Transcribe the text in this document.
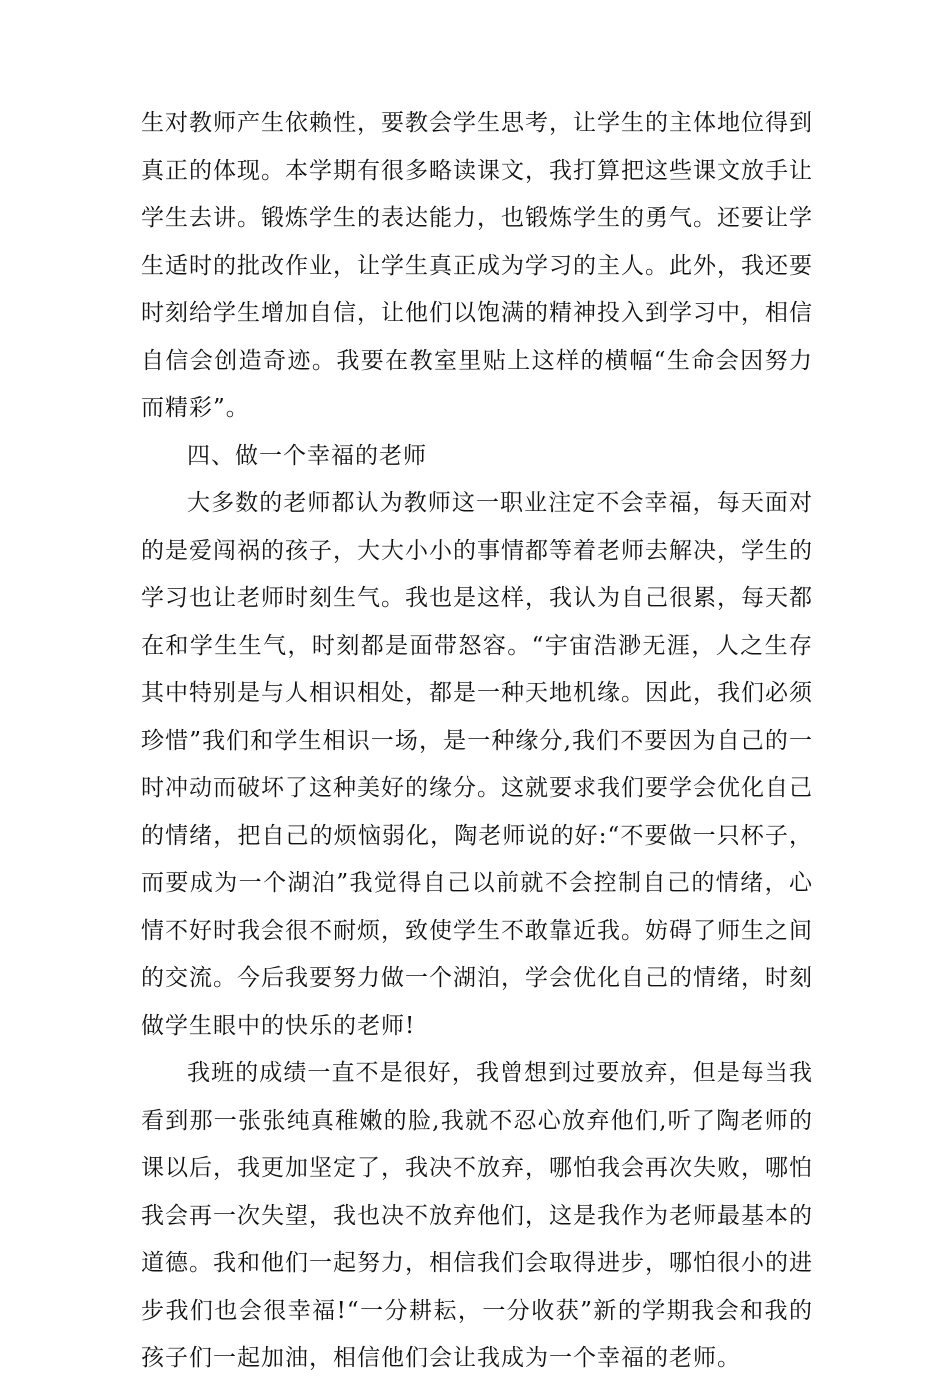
生对教师产生依赖性，要教会学生思考，让学生的主体地位得到真正的体现。本学期有很多略读课文，我打算把这些课文放手让学生去讲。锻炼学生的表达能力，也锻炼学生的勇气。还要让学生适时的批改作业，让学生真正成为学习的主人。此外，我还要时刻给学生增加自信，让他们以饱满的精神投入到学习中，相信自信会创造奇迹。我要在教室里贴上这样的横幅“生命会因努力而精彩”。

四、做一个幸福的老师

大多数的老师都认为教师这一职业注定不会幸福，每天面对的是爱闯祸的孩子，大大小小的事情都等着老师去解决，学生的学习也让老师时刻生气。我也是这样，我认为自己很累，每天都在和学生生气，时刻都是面带怒容。“宇宙浩渺无涯，人之生存其中特别是与人相识相处，都是一种天地机缘。因此，我们必须珍惜”我们和学生相识一场，是一种缘分,我们不要因为自己的一时冲动而破坏了这种美好的缘分。这就要求我们要学会优化自己的情绪，把自己的烦恼弱化，陶老师说的好:“不要做一只杯子，而要成为一个湖泊”我觉得自己以前就不会控制自己的情绪，心情不好时我会很不耐烦，致使学生不敢靠近我。妨碍了师生之间的交流。今后我要努力做一个湖泊，学会优化自己的情绪，时刻做学生眼中的快乐的老师!

我班的成绩一直不是很好，我曾想到过要放弃，但是每当我看到那一张张纯真稚嫩的脸,我就不忍心放弃他们,听了陶老师的课以后，我更加坚定了，我决不放弃，哪怕我会再次失败，哪怕我会再一次失望，我也决不放弃他们，这是我作为老师最基本的道德。我和他们一起努力，相信我们会取得进步，哪怕很小的进步我们也会很幸福!“一分耕耘，一分收获”新的学期我会和我的孩子们一起加油，相信他们会让我成为一个幸福的老师。
